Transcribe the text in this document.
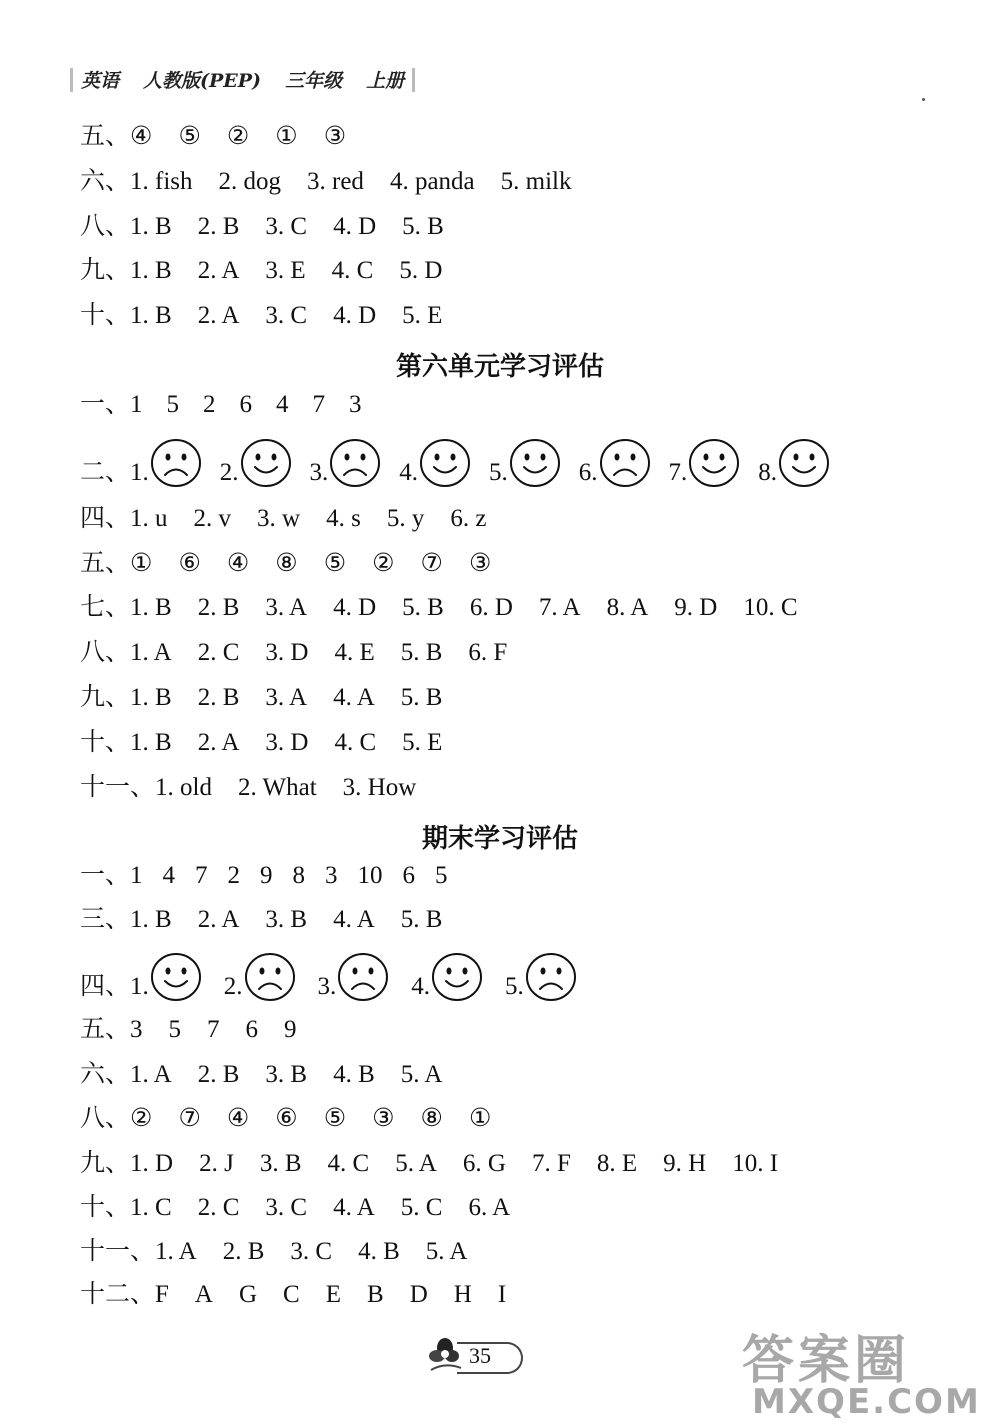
英语 人教版(PEP) 三年级 上册
五、 ④ ⑤ ② ① ③
六、 1. fish 2. dog 3. red 4. panda 5. milk
八、 1. B 2. B 3. C 4. D 5. B
九、 1. B 2. A 3. E 4. C 5. D
十、 1. B 2. A 3. C 4. D 5. E
第六单元学习评估
一、 1 5 2 6 4 7 3
二、 1.	2.	3.	4.	5.	6.	7.	8.
四、 1. u 2. v 3. w 4. s 5. y 6. z
五、 ① ⑥ ④ ⑧ ⑤ ② ⑦ ③
七、 1. B 2. B 3. A 4. D 5. B 6. D 7. A 8. A 9. D 10. C
八、 1. A 2. C 3. D 4. E 5. B 6. F
九、 1. B 2. B 3. A 4. A 5. B
十、 1. B 2. A 3. D 4. C 5. E
十一、 1. old 2. What 3. How
期末学习评估
一、 1 4 7 2 9 8 3 10 6 5
三、 1. B 2. A 3. B 4. A 5. B
四、 1.	2.	3.	4.	5.
五、 3 5 7 6 9
六、 1. A 2. B 3. B 4. B 5. A
八、 ② ⑦ ④ ⑥ ⑤ ③ ⑧ ①
九、 1. D 2. J 3. B 4. C 5. A 6. G 7. F 8. E 9. H 10. I
十、 1. C 2. C 3. C 4. A 5. C 6. A
十一、 1. A 2. B 3. C 4. B 5. A
十二、 F A G C E B D H I
35	答案圈
MXQE.COM
